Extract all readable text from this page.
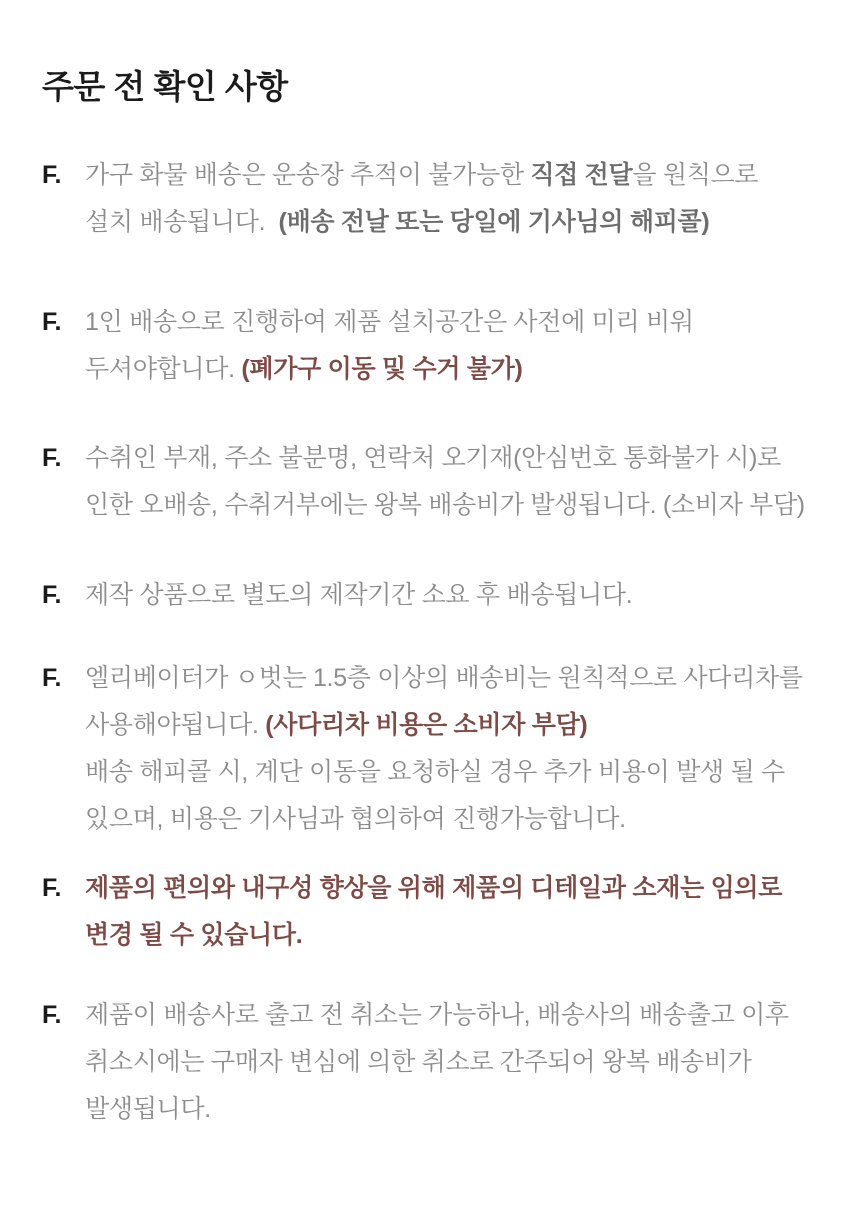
주문 전 확인 사항
F. 가구 화물 배송은 운송장 추적이 불가능한 직접 전달을 원칙으로
설치 배송됩니다.  (배송 전날 또는 당일에 기사님의 해피콜)
F. 1인 배송으로 진행하여 제품 설치공간은 사전에 미리 비워
두셔야합니다. (폐가구 이동 및 수거 불가)
F. 수취인 부재, 주소 불분명, 연락처 오기재(안심번호 통화불가 시)로
인한 오배송, 수취거부에는 왕복 배송비가 발생됩니다. (소비자 부담)
F. 제작 상품으로 별도의 제작기간 소요 후 배송됩니다.
F. 엘리베이터가 ㅇ벗는 1.5층 이상의 배송비는 원칙적으로 사다리차를
사용해야됩니다. (사다리차 비용은 소비자 부담)
배송 해피콜 시, 계단 이동을 요청하실 경우 추가 비용이 발생 될 수
있으며, 비용은 기사님과 협의하여 진행가능합니다.
F. 제품의 편의와 내구성 향상을 위해 제품의 디테일과 소재는 임의로
변경 될 수 있습니다.
F. 제품이 배송사로 출고 전 취소는 가능하나, 배송사의 배송출고 이후
취소시에는 구매자 변심에 의한 취소로 간주되어 왕복 배송비가
발생됩니다.
